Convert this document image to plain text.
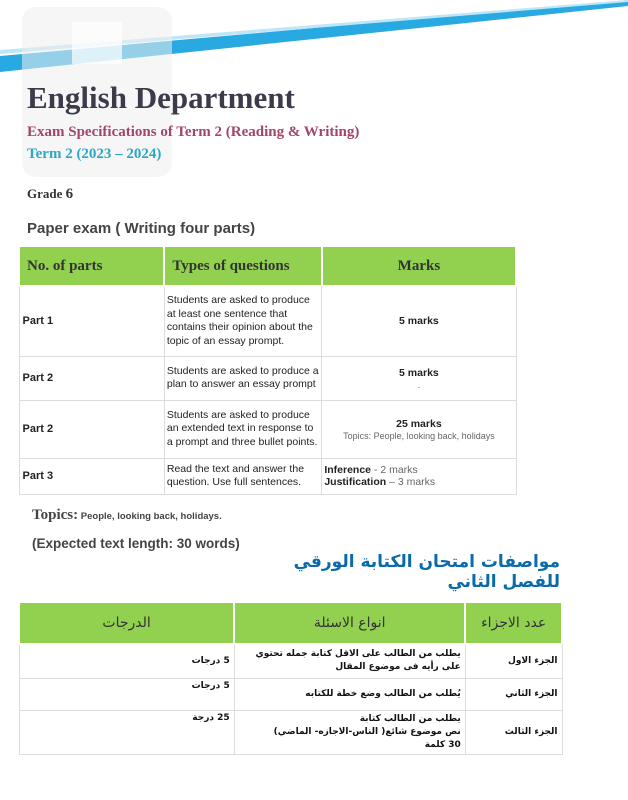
English Department
Exam Specifications of Term 2 (Reading & Writing)
Term 2 (2023 – 2024)
Grade 6
Paper exam ( Writing four parts)
No. of parts	Types of questions	Marks
Part 1	Students are asked to produce at least one sentence that contains their opinion about the topic of an essay prompt.	5 marks
Part 2	Students are asked to produce a plan to answer an essay prompt	5 marks
.

Part 2	Students are asked to produce an extended text in response to a prompt and three bullet points.	25 marks
Topics: People, looking back, holidays

Part 3	Read the text and answer the question. Use full sentences.	Inference - 2 marks
Justification – 3 marks
Topics: People, looking back, holidays.
(Expected text length: 30 words)
مواصفات امتحان الكتابة الورقي للفصل الثاني
عدد الاجزاء	انواع الاسئلة	الدرجات
الجزء الاول	يطلب من الطالب على الاقل كتابة جمله تحتوي على رأيه فى موضوع المقال	5 درجات
الجزء الثاني	يُطلب من الطالب وضع خطة للكتابه	5 درجات
الجزء الثالث	يطلب من الطالب كتابة
نص موضوع شائع( الناس-الاجازه- الماضي)
30 كلمة	25 درجة
